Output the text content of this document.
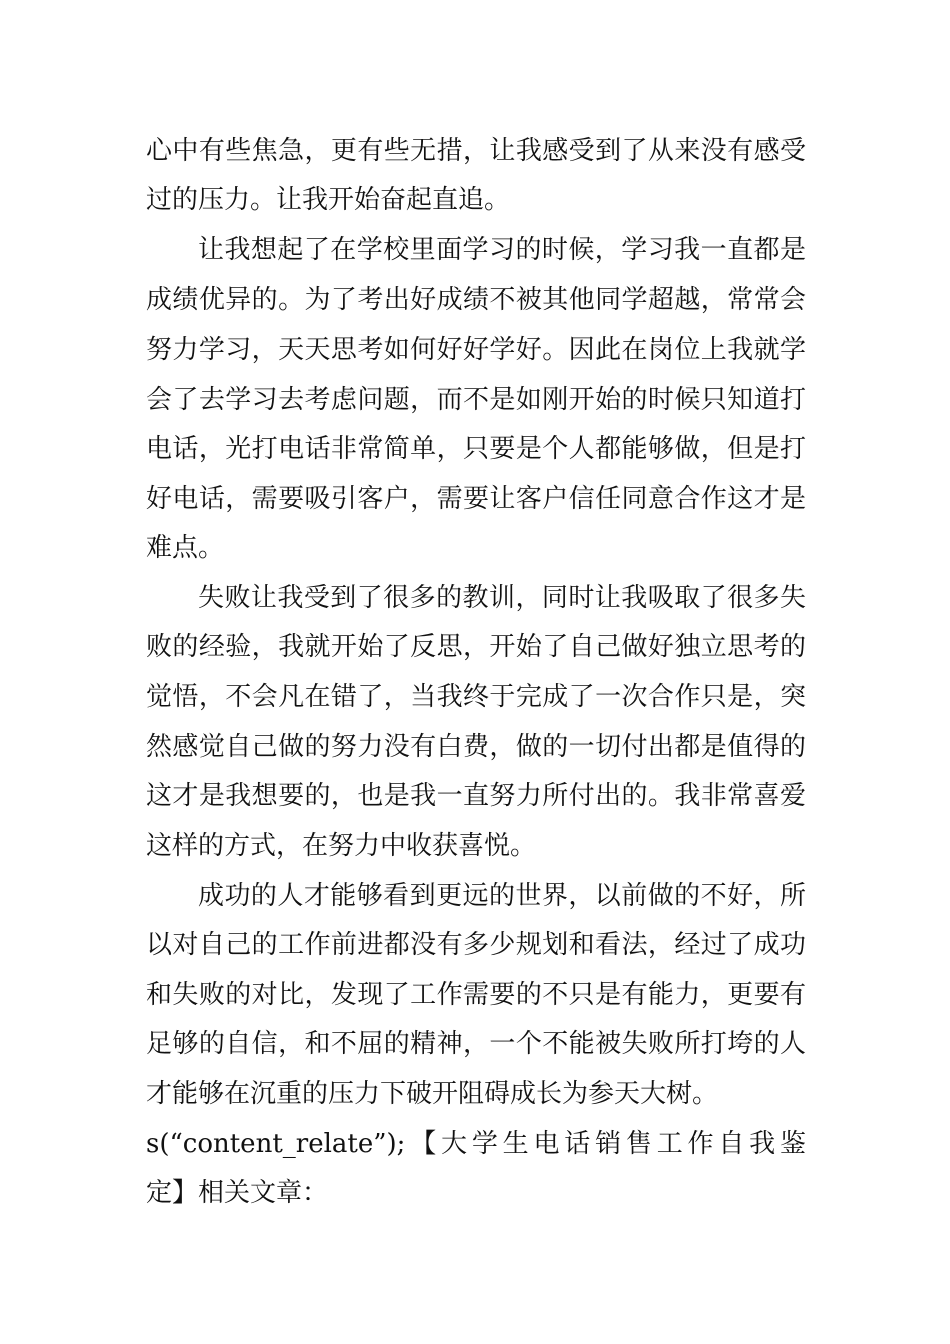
心中有些焦急，更有些无措，让我感受到了从来没有感受
过的压力。让我开始奋起直追。
让我想起了在学校里面学习的时候，学习我一直都是
成绩优异的。为了考出好成绩不被其他同学超越，常常会
努力学习，天天思考如何好好学好。因此在岗位上我就学
会了去学习去考虑问题，而不是如刚开始的时候只知道打
电话，光打电话非常简单，只要是个人都能够做，但是打
好电话，需要吸引客户，需要让客户信任同意合作这才是
难点。
失败让我受到了很多的教训，同时让我吸取了很多失
败的经验，我就开始了反思，开始了自己做好独立思考的
觉悟，不会凡在错了，当我终于完成了一次合作只是，突
然感觉自己做的努力没有白费，做的一切付出都是值得的
这才是我想要的，也是我一直努力所付出的。我非常喜爱
这样的方式，在努力中收获喜悦。
成功的人才能够看到更远的世界，以前做的不好，所
以对自己的工作前进都没有多少规划和看法，经过了成功
和失败的对比，发现了工作需要的不只是有能力，更要有
足够的自信，和不屈的精神，一个不能被失败所打垮的人
才能够在沉重的压力下破开阻碍成长为参天大树。
s(“content_relate”);【大学生电话销售工作自我鉴
定】相关文章：
